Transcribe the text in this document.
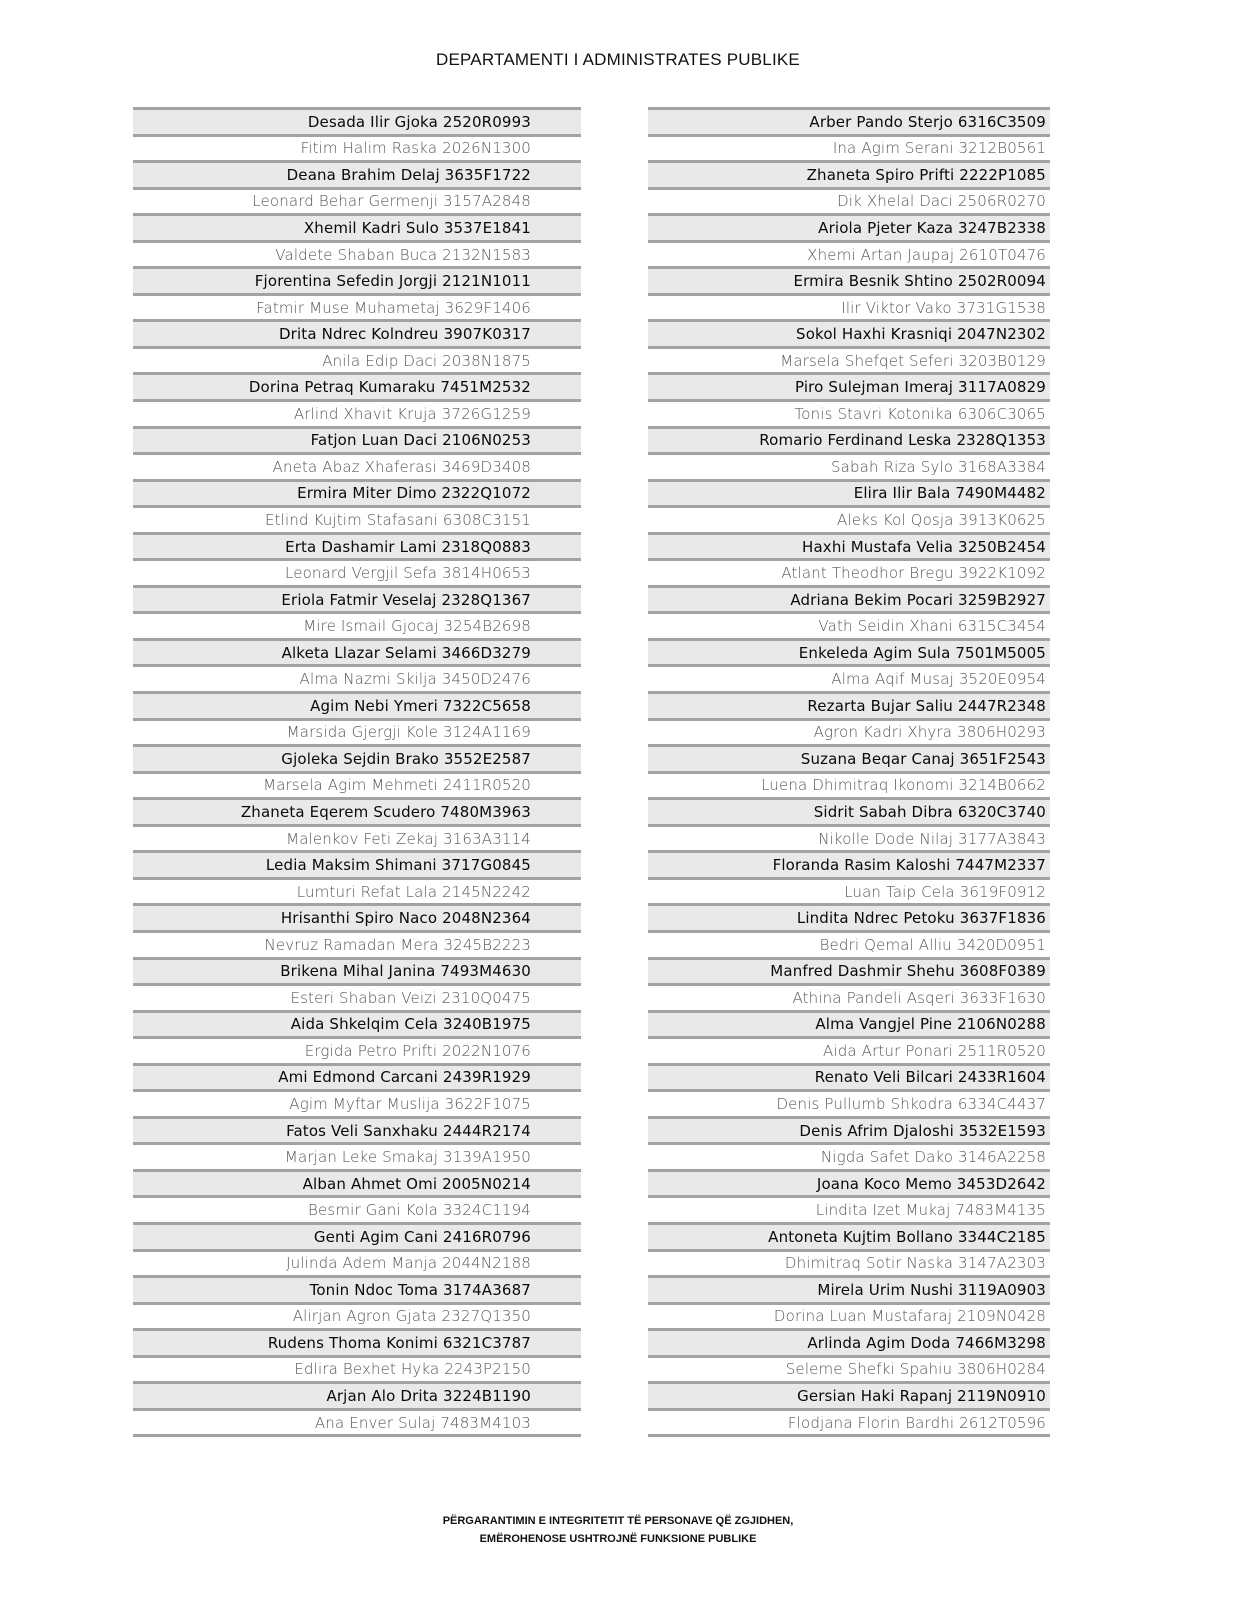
DEPARTAMENTI I ADMINISTRATES PUBLIKE
Desada Ilir Gjoka 2520R0993
Fitim Halim Raska 2026N1300
Deana Brahim Delaj 3635F1722
Leonard Behar Germenji 3157A2848
Xhemil Kadri Sulo 3537E1841
Valdete Shaban Buca 2132N1583
Fjorentina Sefedin Jorgji 2121N1011
Fatmir Muse Muhametaj 3629F1406
Drita Ndrec Kolndreu 3907K0317
Anila Edip Daci 2038N1875
Dorina Petraq Kumaraku 7451M2532
Arlind Xhavit Kruja 3726G1259
Fatjon Luan Daci 2106N0253
Aneta Abaz Xhaferasi 3469D3408
Ermira Miter Dimo 2322Q1072
Etlind Kujtim Stafasani 6308C3151
Erta Dashamir Lami 2318Q0883
Leonard Vergjil Sefa 3814H0653
Eriola Fatmir Veselaj 2328Q1367
Mire Ismail Gjocaj 3254B2698
Alketa Llazar Selami 3466D3279
Alma Nazmi Skilja 3450D2476
Agim Nebi Ymeri 7322C5658
Marsida Gjergji Kole 3124A1169
Gjoleka Sejdin Brako 3552E2587
Marsela Agim Mehmeti 2411R0520
Zhaneta Eqerem Scudero 7480M3963
Malenkov Feti Zekaj 3163A3114
Ledia Maksim Shimani 3717G0845
Lumturi Refat Lala 2145N2242
Hrisanthi Spiro Naco 2048N2364
Nevruz Ramadan Mera 3245B2223
Brikena Mihal Janina 7493M4630
Esteri Shaban Veizi 2310Q0475
Aida Shkelqim Cela 3240B1975
Ergida Petro Prifti 2022N1076
Ami Edmond Carcani 2439R1929
Agim Myftar Muslija 3622F1075
Fatos Veli Sanxhaku 2444R2174
Marjan Leke Smakaj 3139A1950
Alban Ahmet Omi 2005N0214
Besmir Gani Kola 3324C1194
Genti Agim Cani 2416R0796
Julinda Adem Manja 2044N2188
Tonin Ndoc Toma 3174A3687
Alirjan Agron Gjata 2327Q1350
Rudens Thoma Konimi 6321C3787
Edlira Bexhet Hyka 2243P2150
Arjan Alo Drita 3224B1190
Ana Enver Sulaj 7483M4103
Arber Pando Sterjo 6316C3509
Ina Agim Serani 3212B0561
Zhaneta Spiro Prifti 2222P1085
Dik Xhelal Daci 2506R0270
Ariola Pjeter Kaza 3247B2338
Xhemi Artan Jaupaj 2610T0476
Ermira Besnik Shtino 2502R0094
Ilir Viktor Vako 3731G1538
Sokol Haxhi Krasniqi 2047N2302
Marsela Shefqet Seferi 3203B0129
Piro Sulejman Imeraj 3117A0829
Tonis Stavri Kotonika 6306C3065
Romario Ferdinand Leska 2328Q1353
Sabah Riza Sylo 3168A3384
Elira Ilir Bala 7490M4482
Aleks Kol Qosja 3913K0625
Haxhi Mustafa Velia 3250B2454
Atlant Theodhor Bregu 3922K1092
Adriana Bekim Pocari 3259B2927
Vath Seidin Xhani 6315C3454
Enkeleda Agim Sula 7501M5005
Alma Aqif Musaj 3520E0954
Rezarta Bujar Saliu 2447R2348
Agron Kadri Xhyra 3806H0293
Suzana Beqar Canaj 3651F2543
Luena Dhimitraq Ikonomi 3214B0662
Sidrit Sabah Dibra 6320C3740
Nikolle Dode Nilaj 3177A3843
Floranda Rasim Kaloshi 7447M2337
Luan Taip Cela 3619F0912
Lindita Ndrec Petoku 3637F1836
Bedri Qemal Alliu 3420D0951
Manfred Dashmir Shehu 3608F0389
Athina Pandeli Asqeri 3633F1630
Alma Vangjel Pine 2106N0288
Aida Artur Ponari 2511R0520
Renato Veli Bilcari 2433R1604
Denis Pullumb Shkodra 6334C4437
Denis Afrim Djaloshi 3532E1593
Nigda Safet Dako 3146A2258
Joana Koco Memo 3453D2642
Lindita Izet Mukaj 7483M4135
Antoneta Kujtim Bollano 3344C2185
Dhimitraq Sotir Naska 3147A2303
Mirela Urim Nushi 3119A0903
Dorina Luan Mustafaraj 2109N0428
Arlinda Agim Doda 7466M3298
Seleme Shefki Spahiu 3806H0284
Gersian Haki Rapanj 2119N0910
Flodjana Florin Bardhi 2612T0596
PËRGARANTIMIN E INTEGRITETIT TË PERSONAVE QË ZGJIDHEN,
EMËROHENOSE USHTROJNË FUNKSIONE PUBLIKE
